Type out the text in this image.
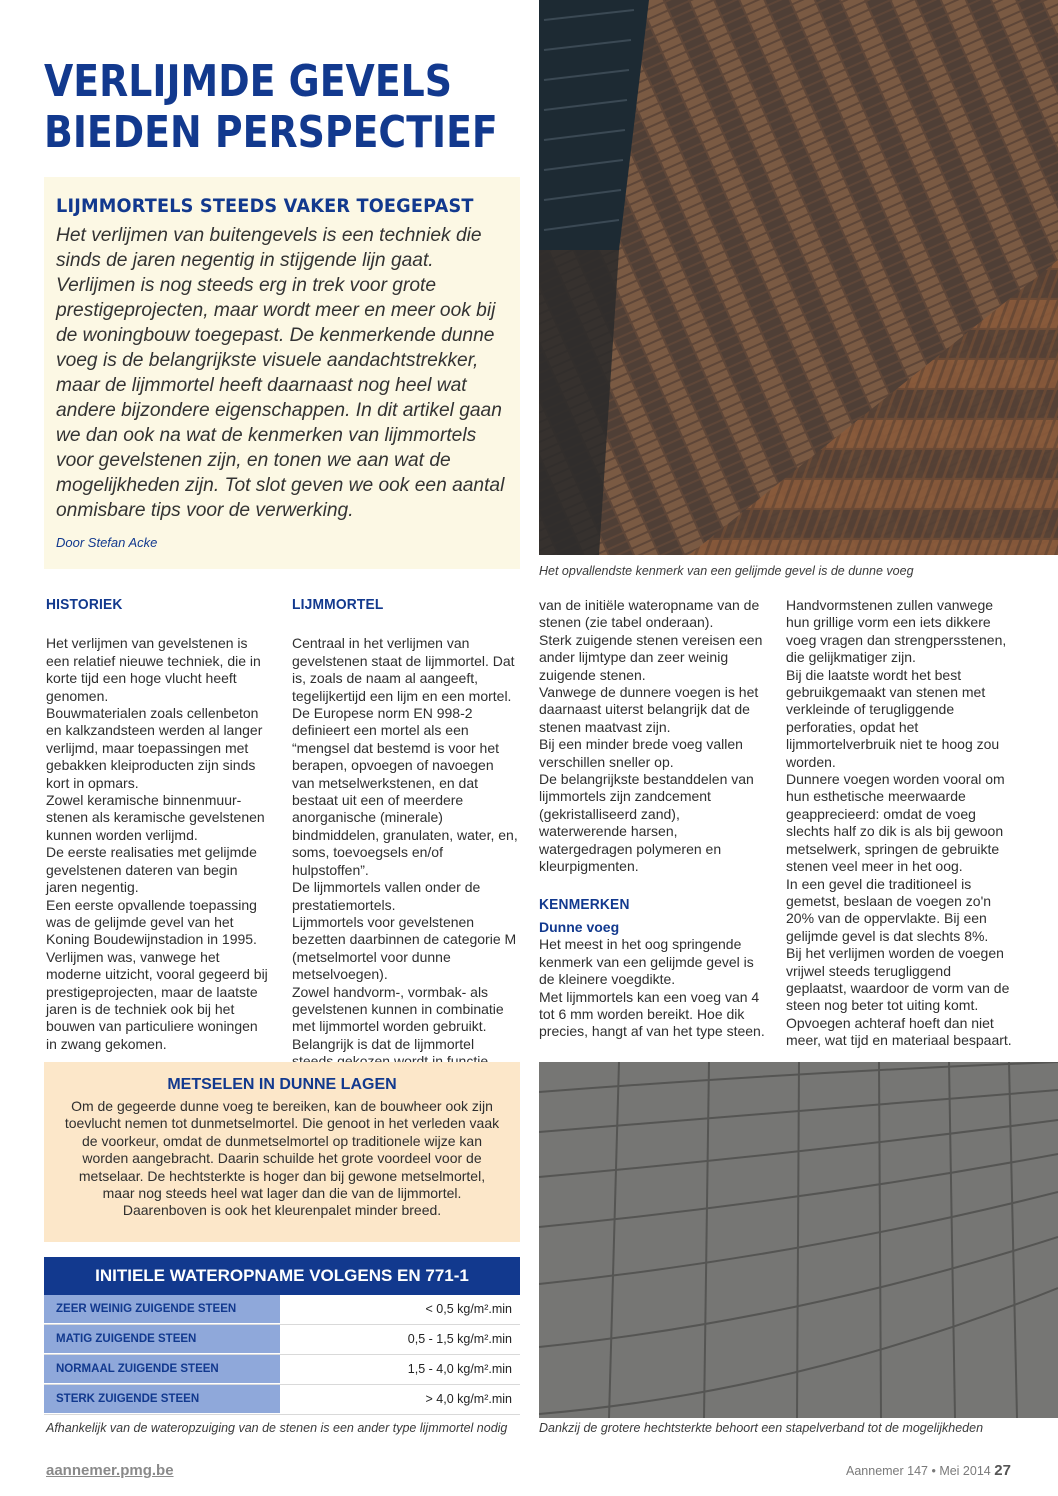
VERLIJMDE GEVELS
BIEDEN PERSPECTIEF
LIJMMORTELS STEEDS VAKER TOEGEPAST

Het verlijmen van buitengevels is een techniek die sinds de jaren negentig in stijgende lijn gaat. Verlijmen is nog steeds erg in trek voor grote prestigeprojecten, maar wordt meer en meer ook bij de woningbouw toegepast. De kenmerkende dunne voeg is de belangrijkste visuele aandachtstrekker, maar de lijmmortel heeft daarnaast nog heel wat andere bijzondere eigenschappen. In dit artikel gaan we dan ook na wat de kenmerken van lijmmortels voor gevelstenen zijn, en tonen we aan wat de mogelijkheden zijn. Tot slot geven we ook een aantal onmisbare tips voor de verwerking.

Door Stefan Acke

Het opvallendste kenmerk van een gelijmde gevel is de dunne voeg

HISTORIEK

Het verlijmen van gevelstenen is een relatief nieuwe techniek, die in korte tijd een hoge vlucht heeft genomen.

Bouwmaterialen zoals cellenbeton en kalkzandsteen werden al langer verlijmd, maar toepassingen met gebakken kleiproducten zijn sinds kort in opmars.

Zowel keramische binnenmuur-stenen als keramische gevelstenen kunnen worden verlijmd.

De eerste realisaties met gelijmde gevelstenen dateren van begin jaren negentig.

Een eerste opvallende toepassing was de gelijmde gevel van het Koning Boudewijnstadion in 1995.

Verlijmen was, vanwege het moderne uitzicht, vooral gegeerd bij prestigeprojecten, maar de laatste jaren is de techniek ook bij het bouwen van particuliere woningen in zwang gekomen.

LIJMMORTEL

Centraal in het verlijmen van gevelstenen staat de lijmmortel. Dat is, zoals de naam al aangeeft, tegelijkertijd een lijm en een mortel. De Europese norm EN 998-2 definieert een mortel als een “mengsel dat bestemd is voor het berapen, opvoegen of navoegen van metselwerkstenen, en dat bestaat uit een of meerdere anorganische (minerale) bindmiddelen, granulaten, water, en, soms, toevoegsels en/of hulpstoffen”.

De lijmmortels vallen onder de prestatiemortels.

Lijmmortels voor gevelstenen bezetten daarbinnen de categorie M (metselmortel voor dunne metselvoegen).

Zowel handvorm-, vormbak- als gevelstenen kunnen in combinatie met lijmmortel worden gebruikt.

Belangrijk is dat de lijmmortel

van de initiële wateropname van de stenen (zie tabel onderaan).

Sterk zuigende stenen vereisen een ander lijmtype dan zeer weinig zuigende stenen.

Vanwege de dunnere voegen is het daarnaast uiterst belangrijk dat de stenen maatvast zijn.

Bij een minder brede voeg vallen verschillen sneller op.

De belangrijkste bestanddelen van lijmmortels zijn zandcement (gekristalliseerd zand), waterwerende harsen, watergedragen polymeren en kleurpigmenten.

KENMERKEN
Dunne voeg

Het meest in het oog springende kenmerk van een gelijmde gevel is de kleinere voegdikte.

Met lijmmortels kan een voeg van 4 tot 6 mm worden bereikt. Hoe dik precies, hangt af van het type steen.

Handvormstenen zullen vanwege hun grillige vorm een iets dikkere voeg vragen dan strengpersstenen, die gelijkmatiger zijn.

Bij die laatste wordt het best gebruikgemaakt van stenen met verkleinde of terugliggende perforaties, opdat het lijmmortelverbruik niet te hoog zou worden.

Dunnere voegen worden vooral om hun esthetische meerwaarde geapprecieerd: omdat de voeg slechts half zo dik is als bij gewoon metselwerk, springen de gebruikte stenen veel meer in het oog.

In een gevel die traditioneel is gemetst, beslaan de voegen zo'n 20% van de oppervlakte. Bij een gelijmde gevel is dat slechts 8%.

Bij het verlijmen worden de voegen vrijwel steeds terugliggend geplaatst, waardoor de vorm van de steen nog beter tot uiting komt.

Opvoegen achteraf hoeft dan niet meer, wat tijd en materiaal bespaart.

METSELEN IN DUNNE LAGEN

Om de gegeerde dunne voeg te bereiken, kan de bouwheer ook zijn toevlucht nemen tot dunmetselmortel. Die genoot in het verleden vaak de voorkeur, omdat de dunmetselmortel op traditionele wijze kan worden aangebracht. Daarin schuilde het grote voordeel voor de metselaar. De hechtsterkte is hoger dan bij gewone metselmortel, maar nog steeds heel wat lager dan die van de lijmmortel. Daarenboven is ook het kleurenpalet minder breed.

INITIELE WATEROPNAME VOLGENS EN 771-1
ZEER WEINIG ZUIGENDE STEEN	< 0,5 kg/m².min
MATIG ZUIGENDE STEEN	0,5 - 1,5 kg/m².min
NORMAAL ZUIGENDE STEEN	1,5 - 4,0 kg/m².min
STERK ZUIGENDE STEEN	> 4,0 kg/m².min

Afhankelijk van de wateropzuiging van de stenen is een ander type lijmmortel nodig	Dankzij de grotere hechtsterkte behoort een stapelverband tot de mogelijkheden

aannemer.pmg.be	Aannemer 147 • Mei 2014 27
